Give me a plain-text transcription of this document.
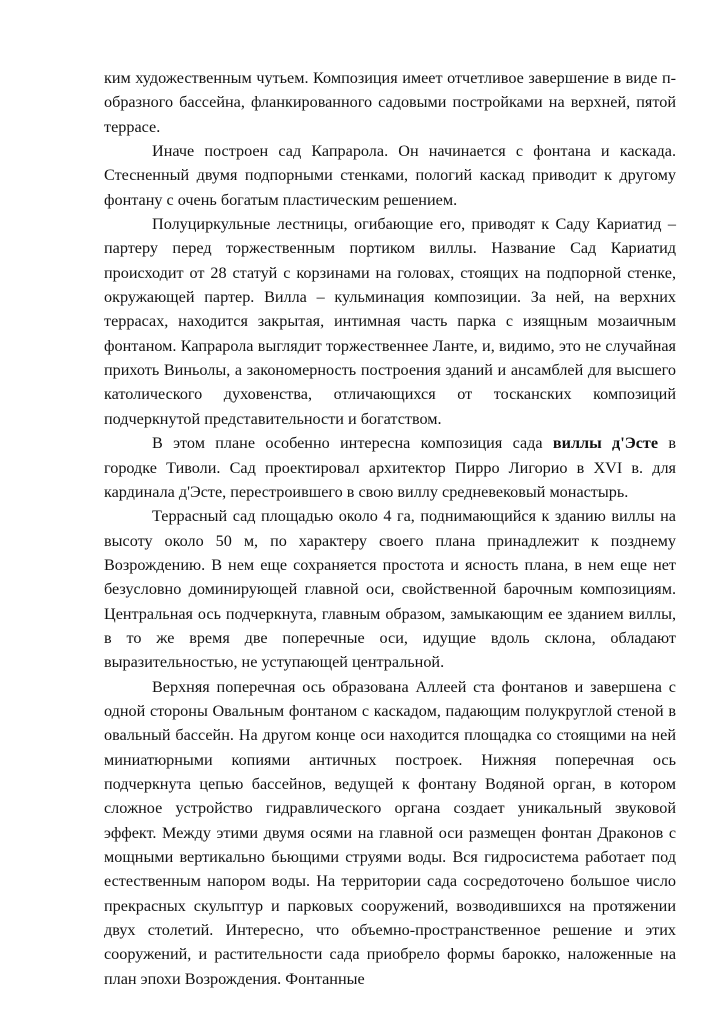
ким художественным чутьем. Композиция имеет отчетливое завершение в виде п-образного бассейна, фланкированного садовыми постройками на верхней, пятой террасе.

Иначе построен сад Капрарола. Он начинается с фонтана и каскада. Стесненный двумя подпорными стенками, пологий каскад приводит к другому фонтану с очень богатым пластическим решением.

Полуциркульные лестницы, огибающие его, приводят к Саду Кариатид – партеру перед торжественным портиком виллы. Название Сад Кариатид происходит от 28 статуй с корзинами на головах, стоящих на подпорной стенке, окружающей партер. Вилла – кульминация композиции. За ней, на верхних террасах, находится закрытая, интимная часть парка с изящным мозаичным фонтаном. Капрарола выглядит торжественнее Ланте, и, видимо, это не случайная прихоть Виньолы, а закономерность построения зданий и ансамблей для высшего католического духовенства, отличающихся от тосканских композиций подчеркнутой представительности и богатством.

В этом плане особенно интересна композиция сада виллы д'Эсте в городке Тиволи. Сад проектировал архитектор Пирро Лигорио в XVI в. для кардинала д'Эсте, перестроившего в свою виллу средневековый монастырь.

Террасный сад площадью около 4 га, поднимающийся к зданию виллы на высоту около 50 м, по характеру своего плана принадлежит к позднему Возрождению. В нем еще сохраняется простота и ясность плана, в нем еще нет безусловно доминирующей главной оси, свойственной барочным композициям. Центральная ось подчеркнута, главным образом, замыкающим ее зданием виллы, в то же время две поперечные оси, идущие вдоль склона, обладают выразительностью, не уступающей центральной.

Верхняя поперечная ось образована Аллеей ста фонтанов и завершена с одной стороны Овальным фонтаном с каскадом, падающим полукруглой стеной в овальный бассейн. На другом конце оси находится площадка со стоящими на ней миниатюрными копиями античных построек. Нижняя поперечная ось подчеркнута цепью бассейнов, ведущей к фонтану Водяной орган, в котором сложное устройство гидравлического органа создает уникальный звуковой эффект. Между этими двумя осями на главной оси размещен фонтан Драконов с мощными вертикально бьющими струями воды. Вся гидросистема работает под естественным напором воды. На территории сада сосредоточено большое число прекрасных скульптур и парковых сооружений, возводившихся на протяжении двух столетий. Интересно, что объемно-пространственное решение и этих сооружений, и растительности сада приобрело формы барокко, наложенные на план эпохи Возрождения. Фонтанные
